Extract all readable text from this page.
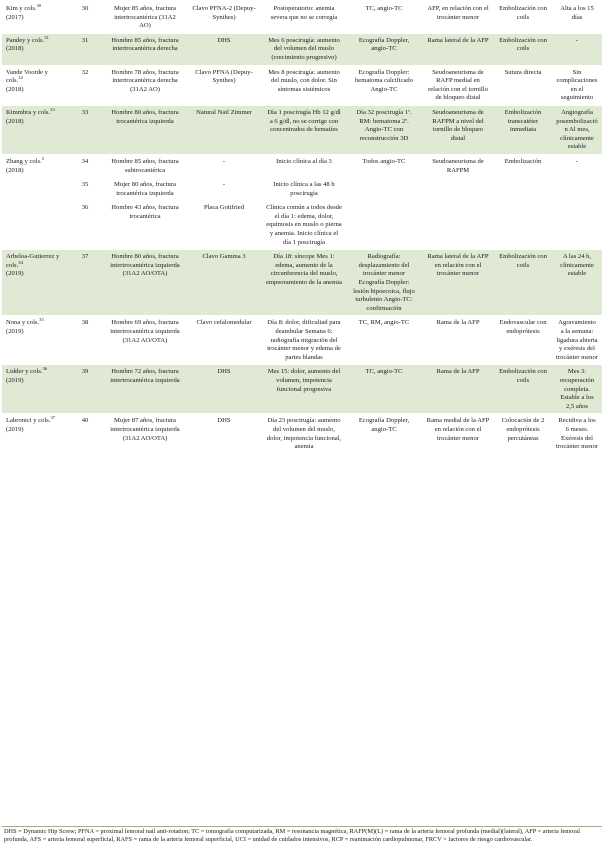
Kim y cols.$^{30}$
(2017)	30	Mujer 85 años, fractura intertrocantérica (31A2 AO)	Clavo PFNA-2 (Depuy-Synthes)	Postoperatorio: anemia severa que no se corregía	TC, angio-TC	AFP, en relación con el trocánter menor	Embolización con coils	Alta a los 15 días
Pandey y cols.$^{31}$
(2018)	31	Hombre 85 años, fractura intertrocantérica derecha	DHS	Mes 6 poscirugía: aumento del volumen del muslo (crecimiento progresivo)	Ecografía Doppler, angio-TC	Rama lateral de la AFP	Embolización con coils	-
Vande Voorde y cols.$^{32}$
(2018)	32	Hombre 78 años, fractura intertrocantérica derecha (31A2 AO)	Clavo PFNA (Depuy-Synthes)	Mes 8 poscirugía: aumento del muslo, con dolor. Sin síntomas sistémicos	Ecografía Doppler: hematoma calcificado Angio-TC	Seudoaneurisma de RAFP medial en relación con el tornillo de bloqueo distal	Sutura directa	Sin complicaciones en el seguimiento
Kimmbra y cols.$^{33}$
(2018)	33	Hombre 80 años, fractura trocantérica izquierda	Natural Nail Zimmer	Día 1 poscirugía Hb 12 g/dl a 6 g/dl, no se corrige con concentrados de hematíes	Día 32 poscirugía 1ª. RM: hematoma 2ª. Angio-TC con reconstrucción 3D	Seudoaneurisma de RAFPM a nivel del tornillo de bloqueo distal	Embolización transcatéter inmediata	Angiografía posembolización Al mes, clínicamente estable
Zhang y cols.$^5$
(2018)	34	Hombre 85 años, fractura subtrocantérica	-	Inicio clínica al día 3	Todos angio-TC	Seudoaneurisma de RAFPM	Embolización	-
	35	Mujer 80 años, fractura trocantérica izquierda	-	Inicio clínica a las 48 h poscirugía				
	36	Hombre 43 años, fractura trocantérica	Placa Gottfried	Clínica común a todos desde el día 1: edema, dolor, equimosis en muslo o pierna y anemia. Inicio clínica el día 1 poscirugía				
Arbeloa-Gutierrez y cols.$^{34}$
(2019)	37	Hombre 80 años, fractura intertrocantérica izquierda (31A2 AO/OTA)	Clavo Gamma 3	Día 18: síncope Mes 1: edema, aumento de la circunferencia del muslo, empeoramiento de la anemia	Radiografía: desplazamiento del trocánter menor Ecografía Doppler: lesión hipoecoica, flujo turbulento Angio-TC: confirmación	Rama lateral de la AFP en relación con el trocánter menor	Embolización con coils	A las 24 h, clínicamente estable
Nona y cols.$^{35}$
(2019)	38	Hombre 69 años, fractura intertrocantérica izquierda (31A2 AO/OTA)	Clavo cefalomedular	Día 8: dolor, dificultad para deambular Semana 6: radiografía migración del trocánter menor y edema de partes blandas	TC, RM, angio-TC	Rama de la AFP	Endovascular con endoprótesis	Agravamiento a la semana: ligadura abierta y exéresis del trocánter menor
Lidder y cols.$^{36}$
(2019)	39	Hombre 72 años, fractura intertrocantérica izquierda	DHS	Mes 15: dolor, aumento del volumen, impotencia funcional progresiva	TC, angio-TC	Rama de la AFP	Embolización con coils	Mes 3: recuperación completa. Estable a los 2,5 años
Labronici y cols.$^{37}$
(2019)	40	Mujer 87 años, fractura intertrocantérica izquierda (31A2 AO/OTA)	DHS	Día 23 poscirugía: aumento del volumen del muslo, dolor, impotencia funcional, anemia	Ecografía Doppler, angio-TC	Rama medial de la AFP en relación con el trocánter menor	Colocación de 2 endoprótesis percutáneas	Recidiva a los 6 meses. Exéresis del trocánter menor
DHS = Dynamic Hip Screw; PFNA = proximal femoral nail anti-rotation; TC = tomografía computarizada, RM = resonancia magnética, RAFP(M)(L) = rama de la arteria femoral profunda (medial)(lateral), AFP = arteria femoral profunda, AFS = arteria femoral superficial, RAFS = rama de la arteria femoral superficial, UCI = unidad de cuidados intensivos, RCP = reanimación cardiopulmonar, FRCV = factores de riesgo cardiovascular.
